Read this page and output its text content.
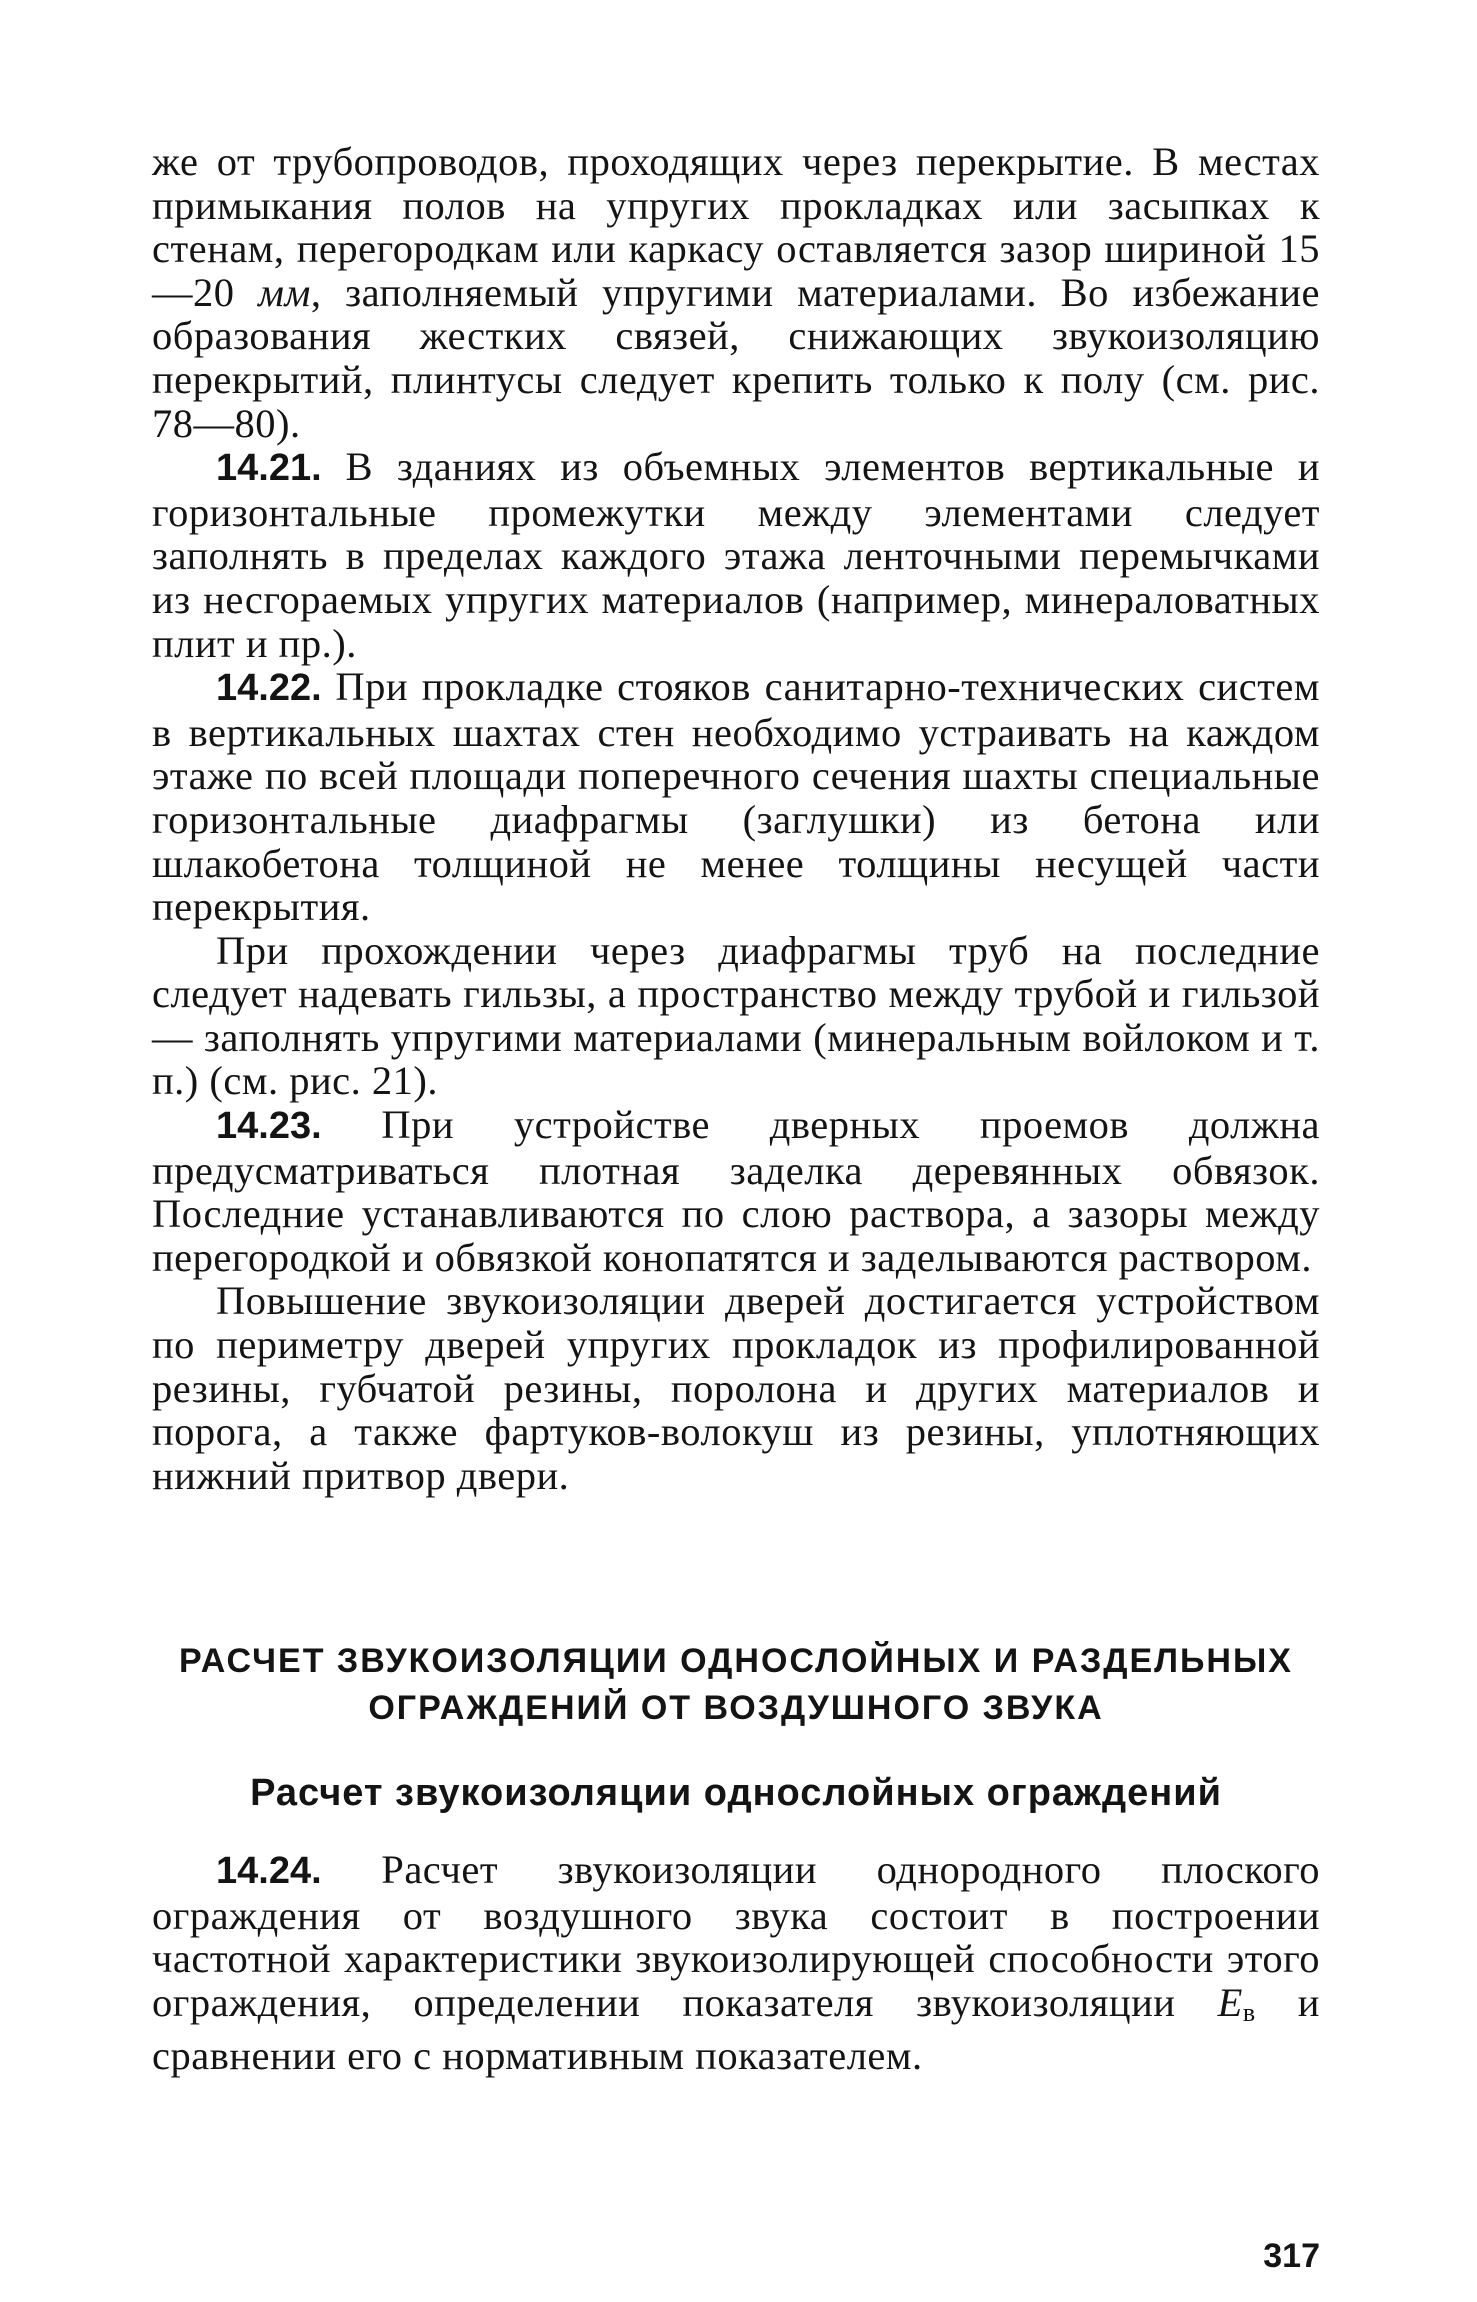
же от трубопроводов, проходящих через перекрытие. В местах примыкания полов на упругих прокладках или засыпках к стенам, перегородкам или каркасу оставляется зазор шириной 15—20 мм, заполняемый упругими материалами. Во избежание образования жестких связей, снижающих звукоизоляцию перекрытий, плинтусы следует крепить только к полу (см. рис. 78—80).

14.21. В зданиях из объемных элементов вертикальные и горизонтальные промежутки между элементами следует заполнять в пределах каждого этажа ленточными перемычками из несгораемых упругих материалов (например, минераловатных плит и пр.).

14.22. При прокладке стояков санитарно-технических систем в вертикальных шахтах стен необходимо устраивать на каждом этаже по всей площади поперечного сечения шахты специальные горизонтальные диафрагмы (заглушки) из бетона или шлакобетона толщиной не менее толщины несущей части перекрытия.

При прохождении через диафрагмы труб на последние следует надевать гильзы, а пространство между трубой и гильзой — заполнять упругими материалами (минеральным войлоком и т. п.) (см. рис. 21).

14.23. При устройстве дверных проемов должна предусматриваться плотная заделка деревянных обвязок. Последние устанавливаются по слою раствора, а зазоры между перегородкой и обвязкой конопатятся и заделываются раствором.

Повышение звукоизоляции дверей достигается устройством по периметру дверей упругих прокладок из профилированной резины, губчатой резины, поролона и других материалов и порога, а также фартуков-волокуш из резины, уплотняющих нижний притвор двери.

РАСЧЕТ ЗВУКОИЗОЛЯЦИИ ОДНОСЛОЙНЫХ И РАЗДЕЛЬНЫХ
ОГРАЖДЕНИЙ ОТ ВОЗДУШНОГО ЗВУКА
Расчет звукоизоляции однослойных ограждений

14.24. Расчет звукоизоляции однородного плоского ограждения от воздушного звука состоит в построении частотной характеристики звукоизолирующей способности этого ограждения, определении показателя звукоизоляции Eв и сравнении его с нормативным показателем.

317
